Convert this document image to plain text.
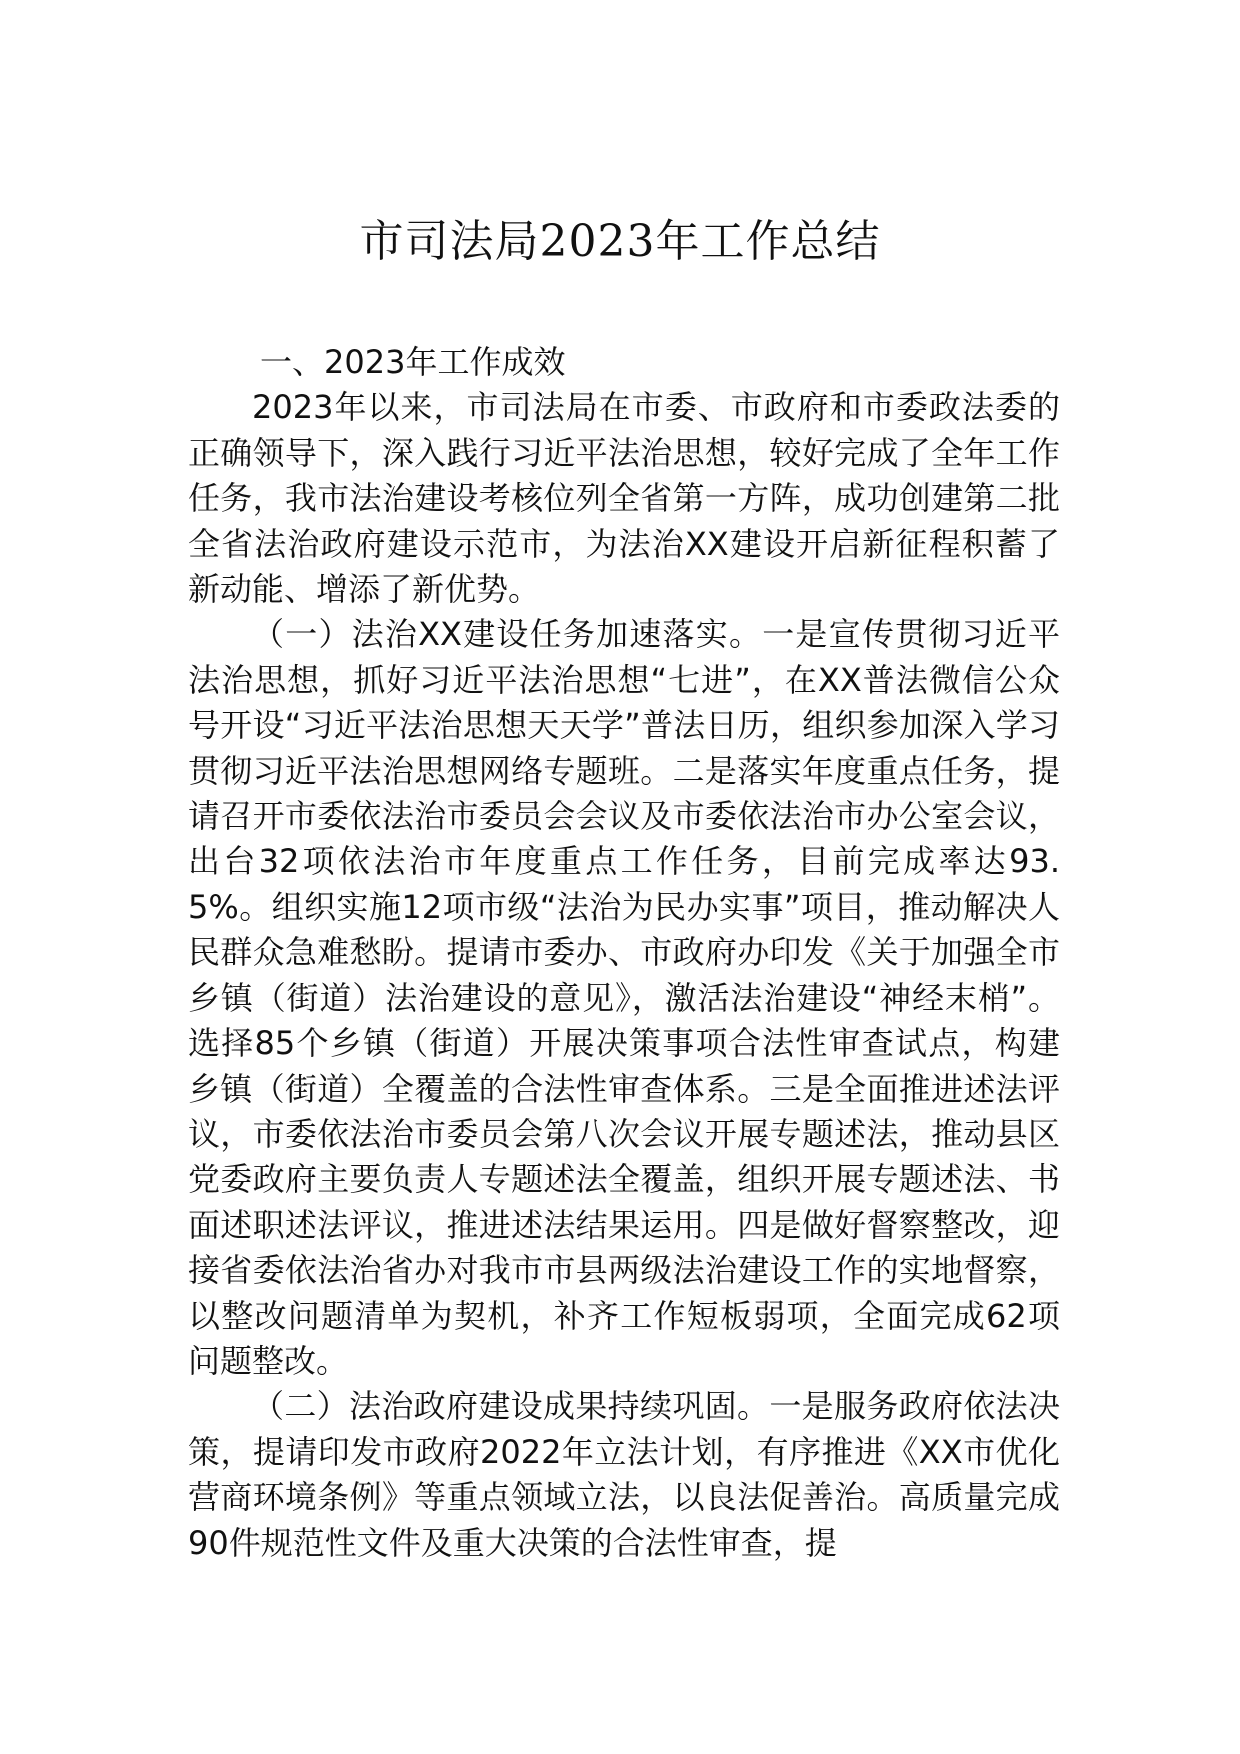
市司法局2023年工作总结

一、2023年工作成效

2023年以来，市司法局在市委、市政府和市委政法委的正确领导下，深入践行习近平法治思想，较好完成了全年工作任务，我市法治建设考核位列全省第一方阵，成功创建第二批全省法治政府建设示范市，为法治XX建设开启新征程积蓄了新动能、增添了新优势。

（一）法治XX建设任务加速落实。一是宣传贯彻习近平法治思想，抓好习近平法治思想“七进”，在XX普法微信公众号开设“习近平法治思想天天学”普法日历，组织参加深入学习贯彻习近平法治思想网络专题班。二是落实年度重点任务，提请召开市委依法治市委员会会议及市委依法治市办公室会议，出台32项依法治市年度重点工作任务，目前完成率达93.5%。组织实施12项市级“法治为民办实事”项目，推动解决人民群众急难愁盼。提请市委办、市政府办印发《关于加强全市乡镇（街道）法治建设的意见》，激活法治建设“神经末梢”。选择85个乡镇（街道）开展决策事项合法性审查试点，构建乡镇（街道）全覆盖的合法性审查体系。三是全面推进述法评议，市委依法治市委员会第八次会议开展专题述法，推动县区党委政府主要负责人专题述法全覆盖，组织开展专题述法、书面述职述法评议，推进述法结果运用。四是做好督察整改，迎接省委依法治省办对我市市县两级法治建设工作的实地督察，以整改问题清单为契机，补齐工作短板弱项，全面完成62项问题整改。

（二）法治政府建设成果持续巩固。一是服务政府依法决策，提请印发市政府2022年立法计划，有序推进《XX市优化营商环境条例》等重点领域立法，以良法促善治。高质量完成90件规范性文件及重大决策的合法性审查，提
